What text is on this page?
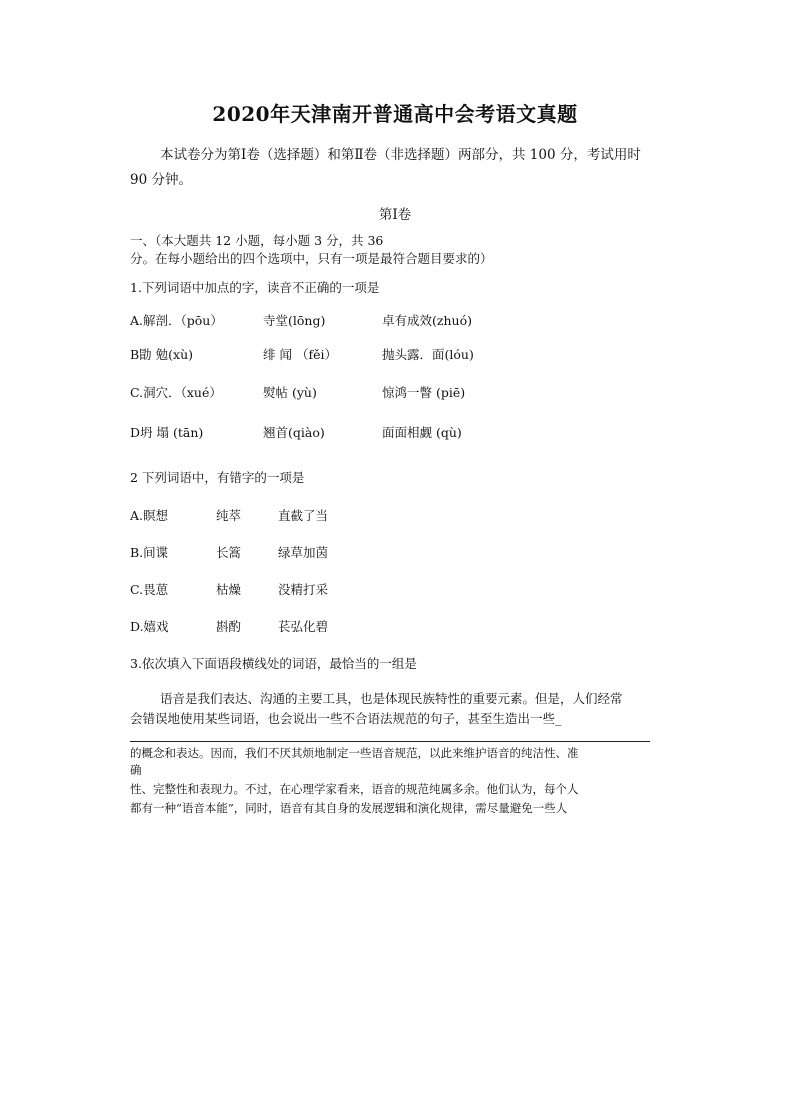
2020年天津南开普通高中会考语文真题
本试卷分为第Ⅰ卷（选择题）和第Ⅱ卷（非选择题）两部分，共 100 分，考试用时 90 分钟。
第Ⅰ卷
一、（本大题共 12 小题，每小题 3 分，共 36
分。在每小题给出的四个选项中，只有一项是最符合题目要求的）
1.下列词语中加点的字，读音不正确的一项是
A.解剖．（pōu）	寺堂(lōng)	卓有成效(zhuó)
B勖 勉(xù)	绯 闻 （fěi）	抛头露．面(lóu)
C.洞穴．（xué）	熨帖 (yù)	惊鸿一瞥 (piē)
D坍 塌 (tān)	翘首(qiào)	面面相觑 (qù)
2 下列词语中，有错字的一项是
A.瞑想	纯萃	直截了当
B.间谍	长篙	绿草加茵
C.畏葸	枯燥	没精打采
D.嬉戏	斟酌	苌弘化碧
3.依次填入下面语段横线处的词语，最恰当的一组是
语音是我们表达、沟通的主要工具，也是体现民族特性的重要元素。但是，人们经常
会错误地使用某些词语，也会说出一些不合语法规范的句子，甚至生造出一些_
的概念和表达。因而，我们不厌其烦地制定一些语音规范，以此来维护语音的纯洁性、准
确
性、完整性和表现力。不过，在心理学家看来，语音的规范纯属多余。他们认为，每个人
都有一种“语音本能”，同时，语音有其自身的发展逻辑和演化规律，需尽量避免一些人
